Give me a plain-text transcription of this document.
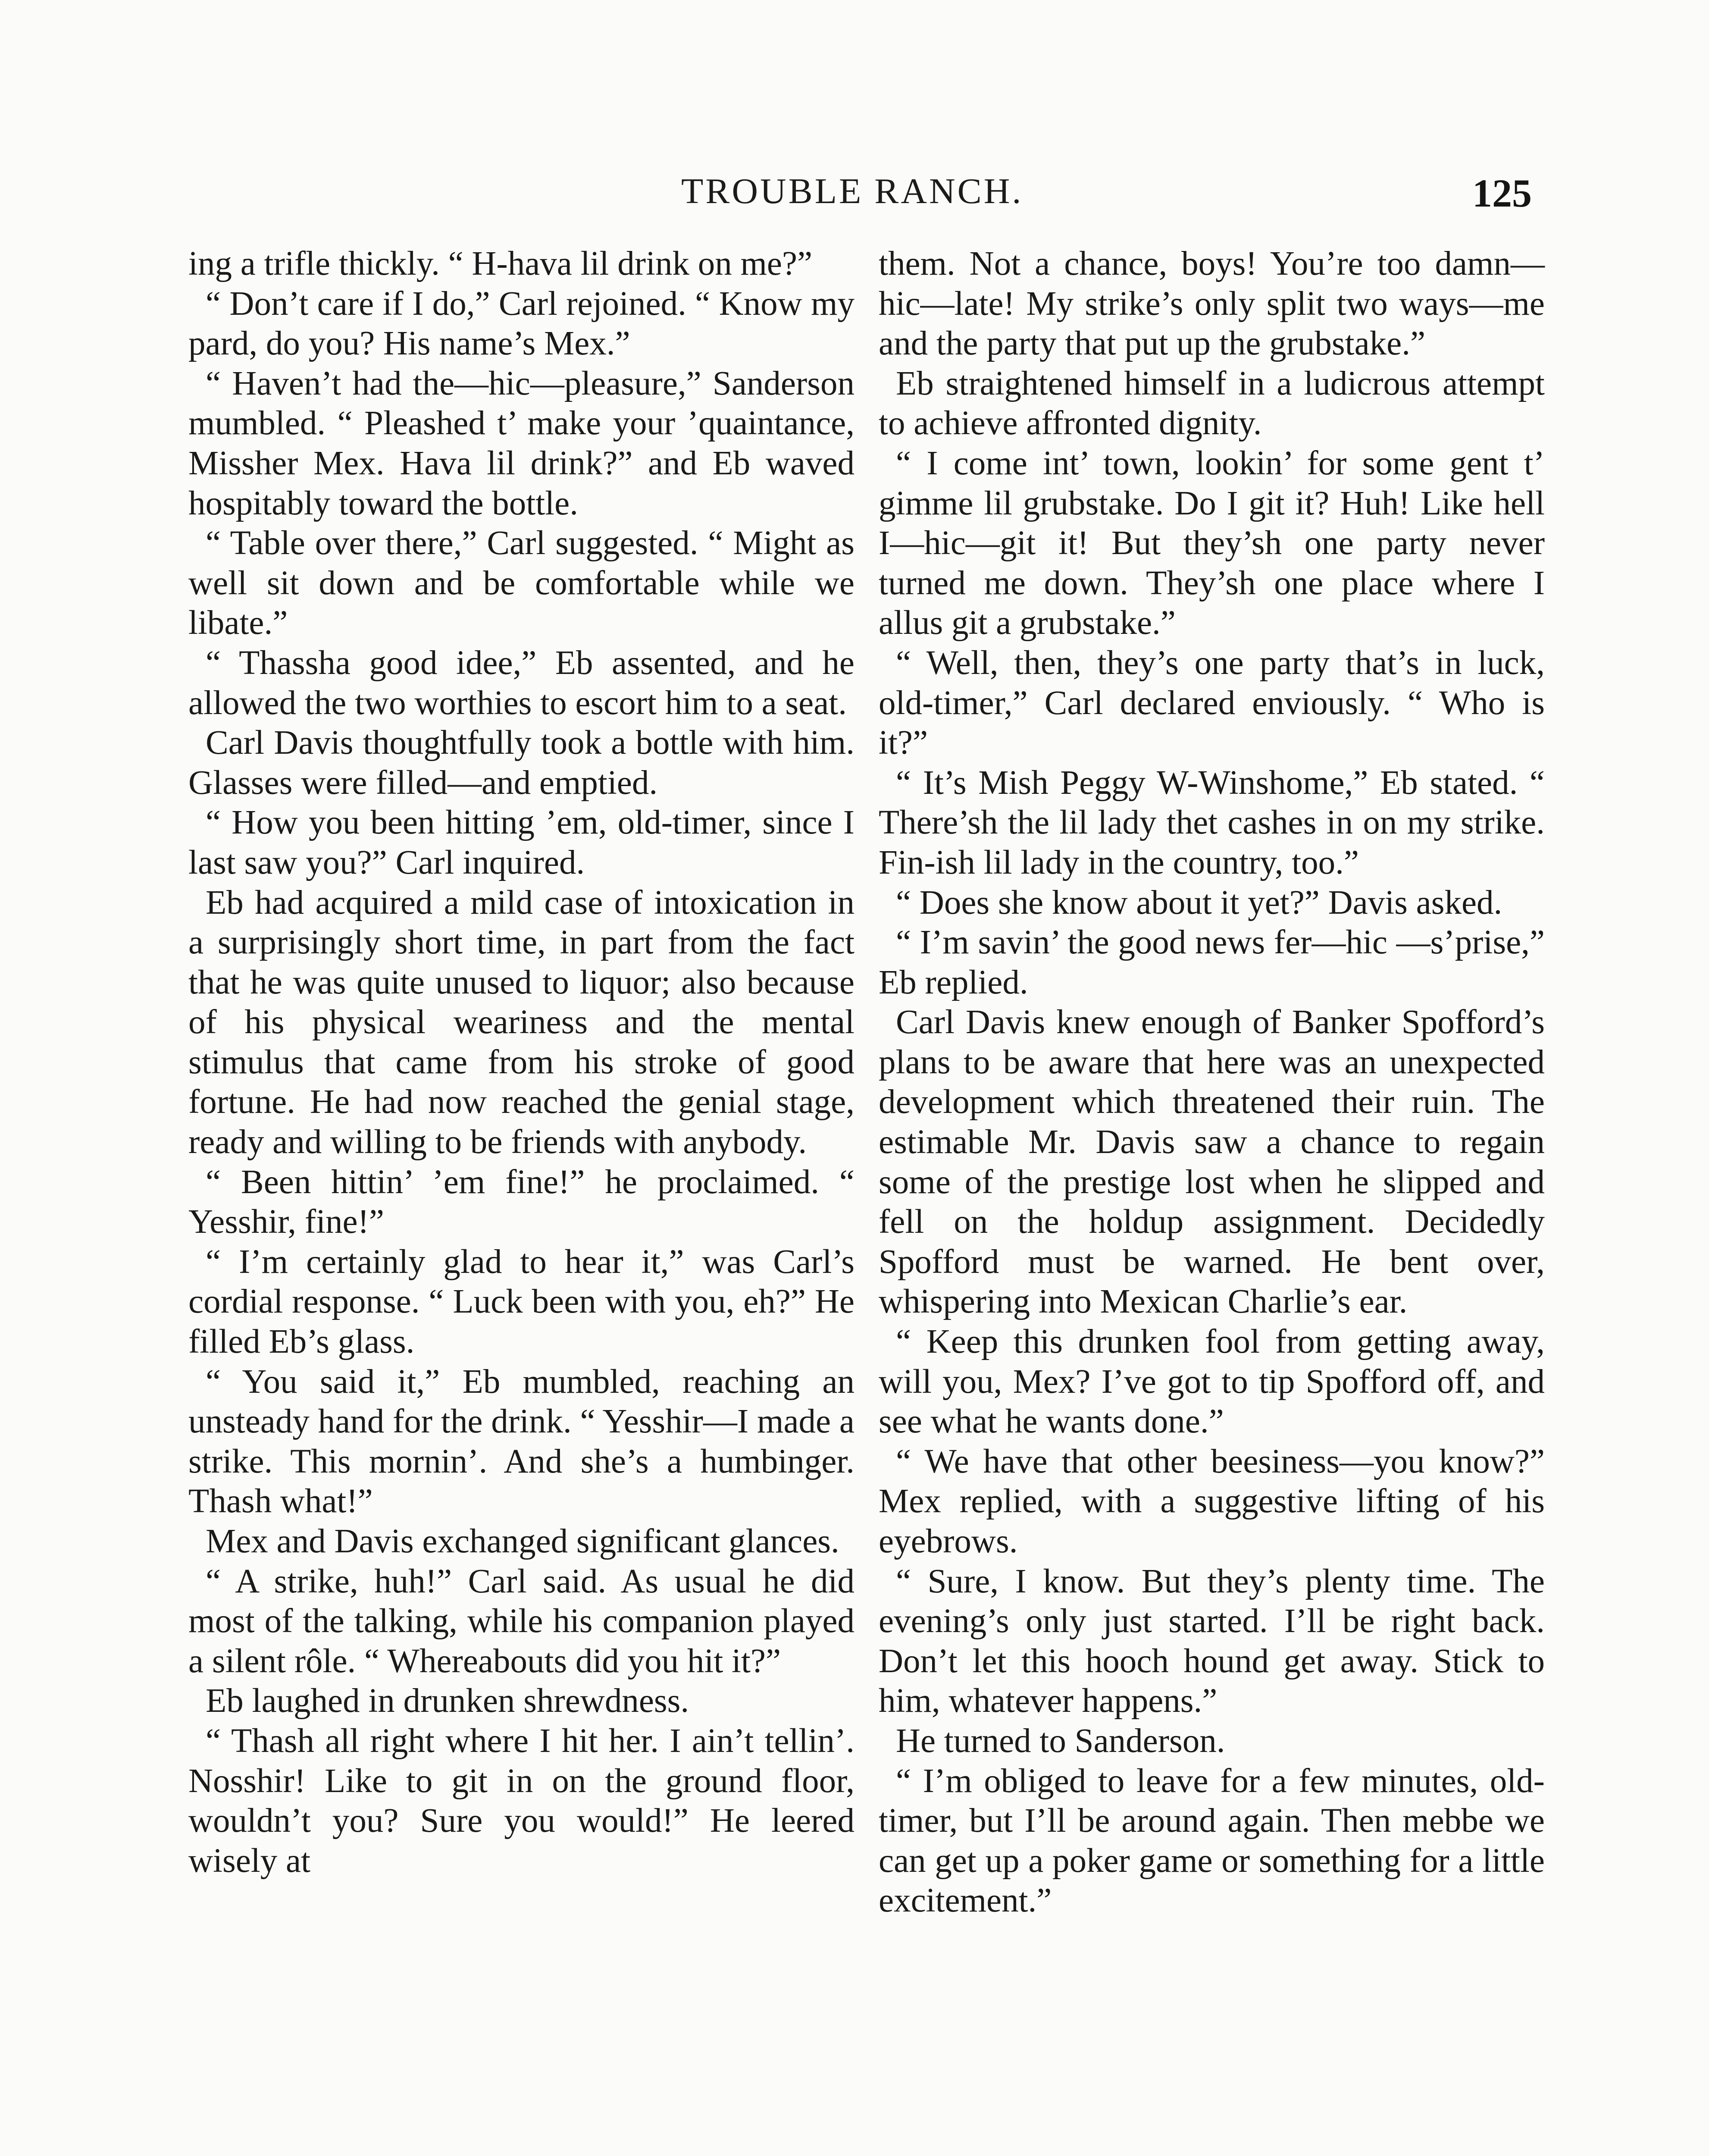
TROUBLE RANCH.	125

ing a trifle thickly. “ H-hava lil drink on me?”

“ Don’t care if I do,” Carl rejoined. “ Know my pard, do you? His name’s Mex.”

“ Haven’t had the—hic—pleasure,” Sanderson mumbled. “ Pleashed t’ make your ’quaintance, Missher Mex. Hava lil drink?” and Eb waved hospitably toward the bottle.

“ Table over there,” Carl suggested. “ Might as well sit down and be comfortable while we libate.”

“ Thassha good idee,” Eb assented, and he allowed the two worthies to escort him to a seat.

Carl Davis thoughtfully took a bottle with him. Glasses were filled—and emptied.

“ How you been hitting ’em, old-timer, since I last saw you?” Carl inquired.

Eb had acquired a mild case of intoxication in a surprisingly short time, in part from the fact that he was quite unused to liquor; also because of his physical weariness and the mental stimulus that came from his stroke of good fortune. He had now reached the genial stage, ready and willing to be friends with anybody.

“ Been hittin’ ’em fine!” he proclaimed. “ Yesshir, fine!”

“ I’m certainly glad to hear it,” was Carl’s cordial response. “ Luck been with you, eh?” He filled Eb’s glass.

“ You said it,” Eb mumbled, reaching an unsteady hand for the drink. “ Yesshir—I made a strike. This mornin’. And she’s a humbinger. Thash what!”

Mex and Davis exchanged significant glances.

“ A strike, huh!” Carl said. As usual he did most of the talking, while his companion played a silent rôle. “ Whereabouts did you hit it?”

Eb laughed in drunken shrewdness.

“ Thash all right where I hit her. I ain’t tellin’. Nosshir! Like to git in on the ground floor, wouldn’t you? Sure you would!” He leered wisely at

them. Not a chance, boys! You’re too damn—hic—late! My strike’s only split two ways—me and the party that put up the grubstake.”

Eb straightened himself in a ludicrous attempt to achieve affronted dignity.

“ I come int’ town, lookin’ for some gent t’ gimme lil grubstake. Do I git it? Huh! Like hell I—hic—git it! But they’sh one party never turned me down. They’sh one place where I allus git a grubstake.”

“ Well, then, they’s one party that’s in luck, old-timer,” Carl declared enviously. “ Who is it?”

“ It’s Mish Peggy W-Winshome,” Eb stated. “ There’sh the lil lady thet cashes in on my strike. Fin-ish lil lady in the country, too.”

“ Does she know about it yet?” Davis asked.

“ I’m savin’ the good news fer—hic —s’prise,” Eb replied.

Carl Davis knew enough of Banker Spofford’s plans to be aware that here was an unexpected development which threatened their ruin. The estimable Mr. Davis saw a chance to regain some of the prestige lost when he slipped and fell on the holdup assignment. Decidedly Spofford must be warned. He bent over, whispering into Mexican Charlie’s ear.

“ Keep this drunken fool from getting away, will you, Mex? I’ve got to tip Spofford off, and see what he wants done.”

“ We have that other beesiness—you know?” Mex replied, with a suggestive lifting of his eyebrows.

“ Sure, I know. But they’s plenty time. The evening’s only just started. I’ll be right back. Don’t let this hooch hound get away. Stick to him, whatever happens.”

He turned to Sanderson.

“ I’m obliged to leave for a few minutes, old-timer, but I’ll be around again. Then mebbe we can get up a poker game or something for a little excitement.”
